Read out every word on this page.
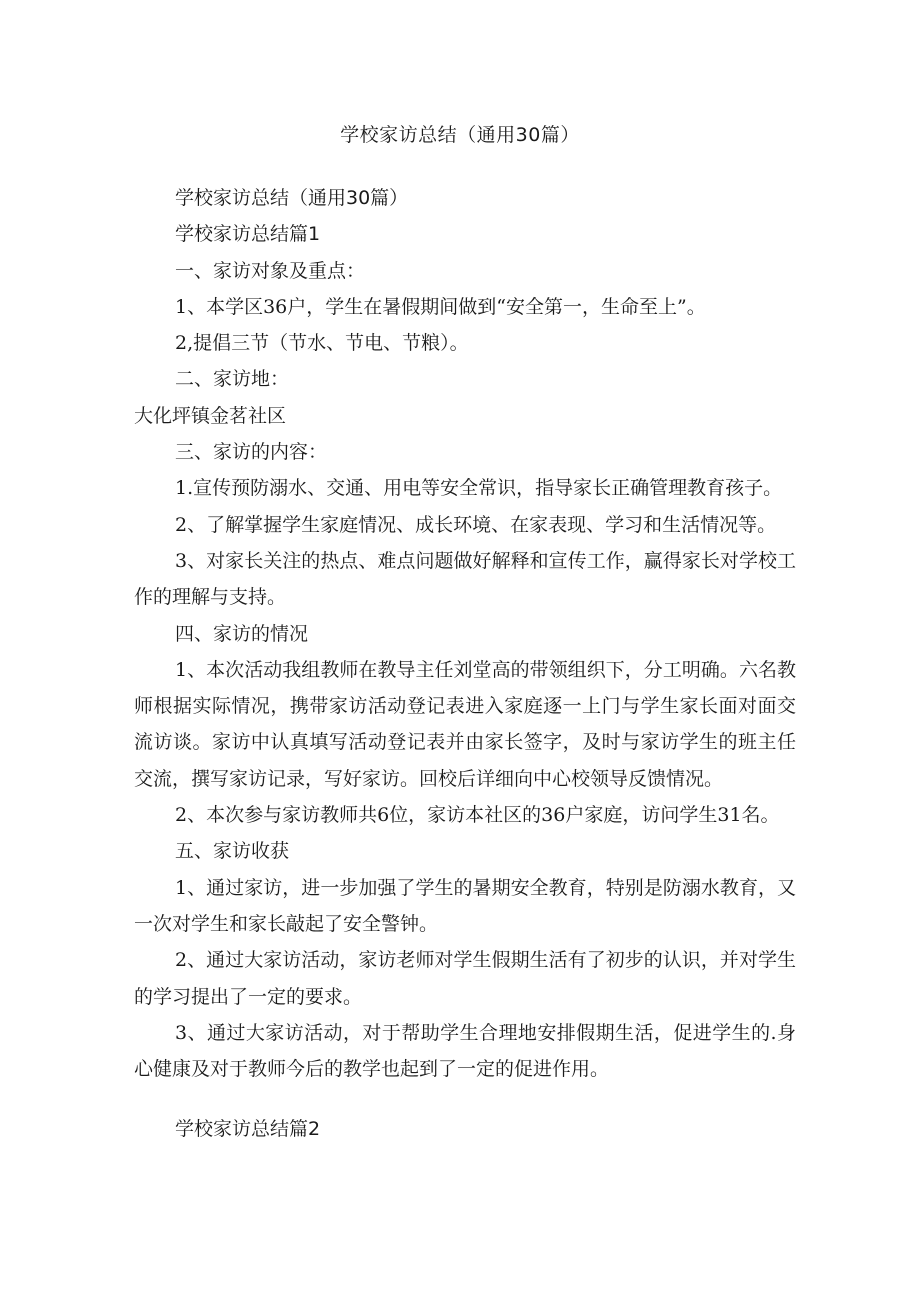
学校家访总结（通用30篇）

学校家访总结（通用30篇）

学校家访总结篇1

一、家访对象及重点：

1、本学区36户，学生在暑假期间做到“安全第一，生命至上”。

2,提倡三节（节水、节电、节粮）。

二、家访地：

大化坪镇金茗社区

三、家访的内容：

1.宣传预防溺水、交通、用电等安全常识，指导家长正确管理教育孩子。

2、了解掌握学生家庭情况、成长环境、在家表现、学习和生活情况等。

3、对家长关注的热点、难点问题做好解释和宣传工作，赢得家长对学校工作的理解与支持。

四、家访的情况

1、本次活动我组教师在教导主任刘堂高的带领组织下，分工明确。六名教师根据实际情况，携带家访活动登记表进入家庭逐一上门与学生家长面对面交流访谈。家访中认真填写活动登记表并由家长签字，及时与家访学生的班主任交流，撰写家访记录，写好家访。回校后详细向中心校领导反馈情况。

2、本次参与家访教师共6位，家访本社区的36户家庭，访问学生31名。

五、家访收获

1、通过家访，进一步加强了学生的暑期安全教育，特别是防溺水教育，又一次对学生和家长敲起了安全警钟。

2、通过大家访活动，家访老师对学生假期生活有了初步的认识，并对学生的学习提出了一定的要求。

3、通过大家访活动，对于帮助学生合理地安排假期生活，促进学生的.身心健康及对于教师今后的教学也起到了一定的促进作用。

学校家访总结篇2
